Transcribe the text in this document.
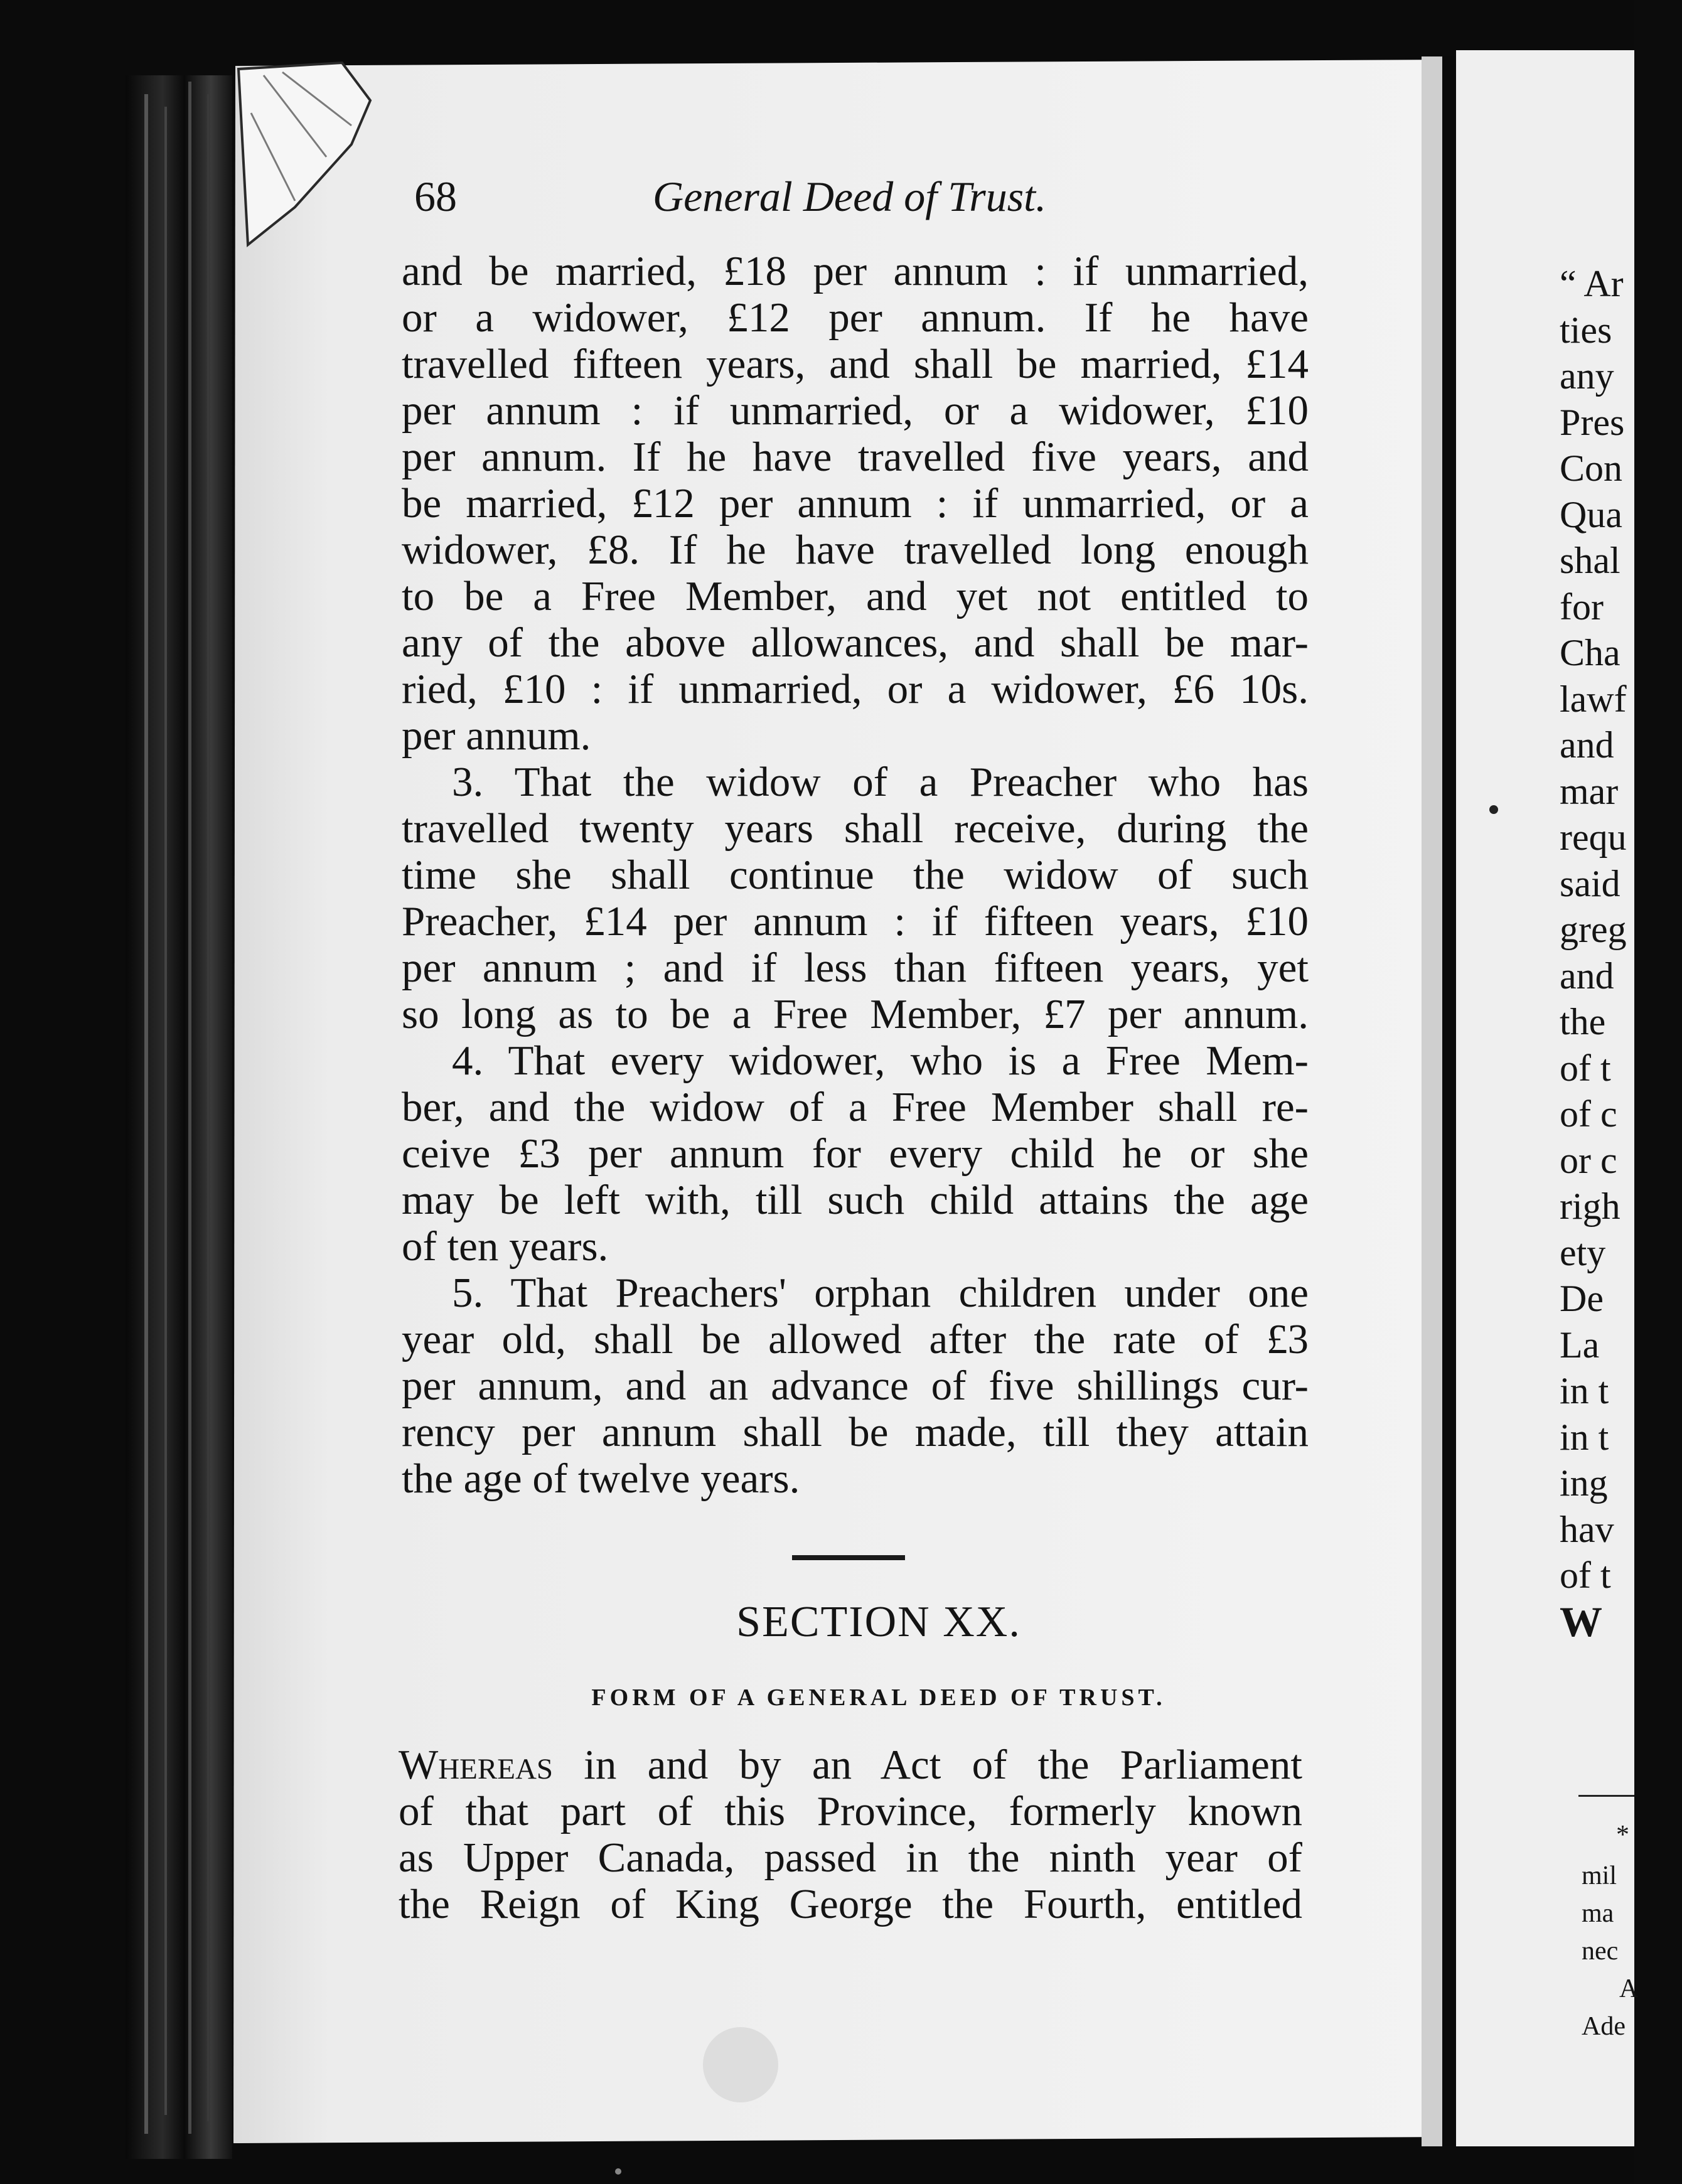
68	General Deed of Trust.
and be married, £18 per annum : if unmarried,
or a widower, £12 per annum. If he have
travelled fifteen years, and shall be married, £14
per annum : if unmarried, or a widower, £10
per annum. If he have travelled five years, and
be married, £12 per annum : if unmarried, or a
widower, £8. If he have travelled long enough
to be a Free Member, and yet not entitled to
any of the above allowances, and shall be mar-
ried, £10 : if unmarried, or a widower, £6 10s.
per annum.
3. That the widow of a Preacher who has
travelled twenty years shall receive, during the
time she shall continue the widow of such
Preacher, £14 per annum : if fifteen years, £10
per annum ; and if less than fifteen years, yet
so long as to be a Free Member, £7 per annum.
4. That every widower, who is a Free Mem-
ber, and the widow of a Free Member shall re-
ceive £3 per annum for every child he or she
may be left with, till such child attains the age
of ten years.
5. That Preachers' orphan children under one
year old, shall be allowed after the rate of £3
per annum, and an advance of five shillings cur-
rency per annum shall be made, till they attain
the age of twelve years.
SECTION XX.
FORM OF A GENERAL DEED OF TRUST.
Whereas in and by an Act of the Parliament
of that part of this Province, formerly known
as Upper Canada, passed in the ninth year of
the Reign of King George the Fourth, entitled
“ Ar
ties
any
Pres
Con
Qua
shal
for
Cha
lawf
and
mar
requ
said
greg
and
the
of t
of c
or c
righ
ety
De
La
in t
in t
ing
hav
of t
W
*
mil
ma
nec
A
Ade
